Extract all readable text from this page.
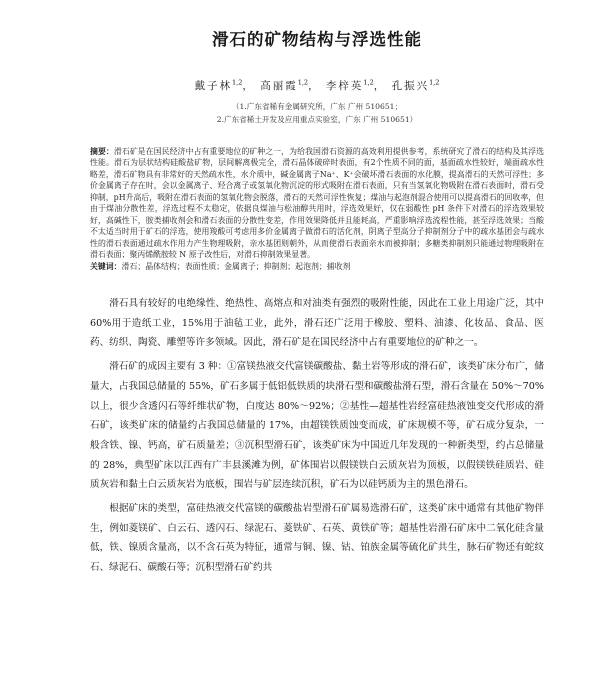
滑石的矿物结构与浮选性能
戴子林$^{1,2}$， 高丽霞$^{1,2}$， 李梓英$^{1,2}$， 孔振兴$^{1,2}$
（1.广东省稀有金属研究所，广东 广州 510651；
2.广东省稀土开发及应用重点实验室，广东 广州 510651）
摘要：滑石矿是在国民经济中占有重要地位的矿种之一，为给我国滑石资源的高效利用提供参考，系统研究了滑石的结构及其浮选性能。滑石为层状结构硅酸盐矿物，层间解离极完全，滑石晶体破碎时表面，有2个性质不同的面，基面疏水性较好，端面疏水性略差，滑石矿物具有非常好的天然疏水性，水介质中，碱金属离子Na⁺、K⁺会破坏滑石表面的水化膜，提高滑石的天然可浮性；多价金属离子存在时，会以金属离子、羟合离子或氢氧化物沉淀的形式吸附在滑石表面，只有当氢氧化物吸附在滑石表面时，滑石受抑制，pH升高后，吸附在滑石表面的氢氧化物会脱落，滑石的天然可浮性恢复；煤油与起泡剂混合使用可以提高滑石的回收率，但由于煤油分散性差，浮选过程不太稳定，依据良煤油与松油醇共用时，浮选效果好，仅在弱酸性 pH 条件下对滑石的浮选效果较好，高碱性下，胺类捕收剂会和滑石表面的分散性变差，作用效果降低并且能耗高，严重影响浮选流程性能，甚至浮选效果；当酸不太适当时用于矿石的浮选，使用羧酸可考虑用多价金属离子做滑石的活化剂，阴离子型高分子抑制剂分子中的疏水基团会与疏水性的滑石表面通过疏水作用力产生物理吸附，亲水基团则朝外，从而使滑石表面亲水而被抑制；多糖类抑制剂只能通过物理吸附在滑石表面；聚丙烯酰胺较 N 原子改性后，对滑石抑制效果显著。
关键词：滑石；晶体结构；表面性质；金属离子；抑制剂；起泡剂；捕收剂

滑石具有较好的电绝缘性、绝热性、高熔点和对油类有强烈的吸附性能，因此在工业上用途广泛，其中60%用于造纸工业，15%用于油毡工业，此外，滑石还广泛用于橡胶、塑料、油漆、化妆品、食品、医药、纺织、陶瓷、雕塑等许多领域。因此，滑石矿是在国民经济中占有重要地位的矿种之一。

滑石矿的成因主要有 3 种：①富镁热液交代富镁碳酸盐、黏土岩等形成的滑石矿，该类矿床分布广，储量大，占我国总储量的 55%，矿石多属于低铝低铁质的块滑石型和碳酸盐滑石型，滑石含量在 50%～70%以上，很少含透闪石等纤维状矿物，白度达 80%～92%；②基性—超基性岩经富硅热液蚀变交代形成的滑石矿，该类矿床的储量约占我国总储量的 17%，由超镁铁质蚀变而成，矿床规模不等，矿石成分复杂，一般含铁、镍、钙高，矿石质量差；③沉积型滑石矿，该类矿床为中国近几年发现的一种新类型，约占总储量的 28%，典型矿床以江西有广丰县溪滩为例，矿体围岩以假镁铁白云质灰岩为顶板，以假镁铁硅质岩、硅质灰岩和黏土白云质灰岩为底板，围岩与矿层连续沉积，矿石为以硅钙质为主的黑色滑石。

根据矿床的类型，富硅热液交代富镁的碳酸盐岩型滑石矿属易选滑石矿，这类矿床中通常有其他矿物伴生，例如菱镁矿、白云石、透闪石、绿泥石、菱铁矿、石英、黄铁矿等；超基性岩滑石矿床中二氧化硅含量低，铁、镍质含量高，以不含石英为特征，通常与铜、镍、钴、铂族金属等硫化矿共生，脉石矿物还有蛇纹石、绿泥石、碳酸石等；沉积型滑石矿约共
